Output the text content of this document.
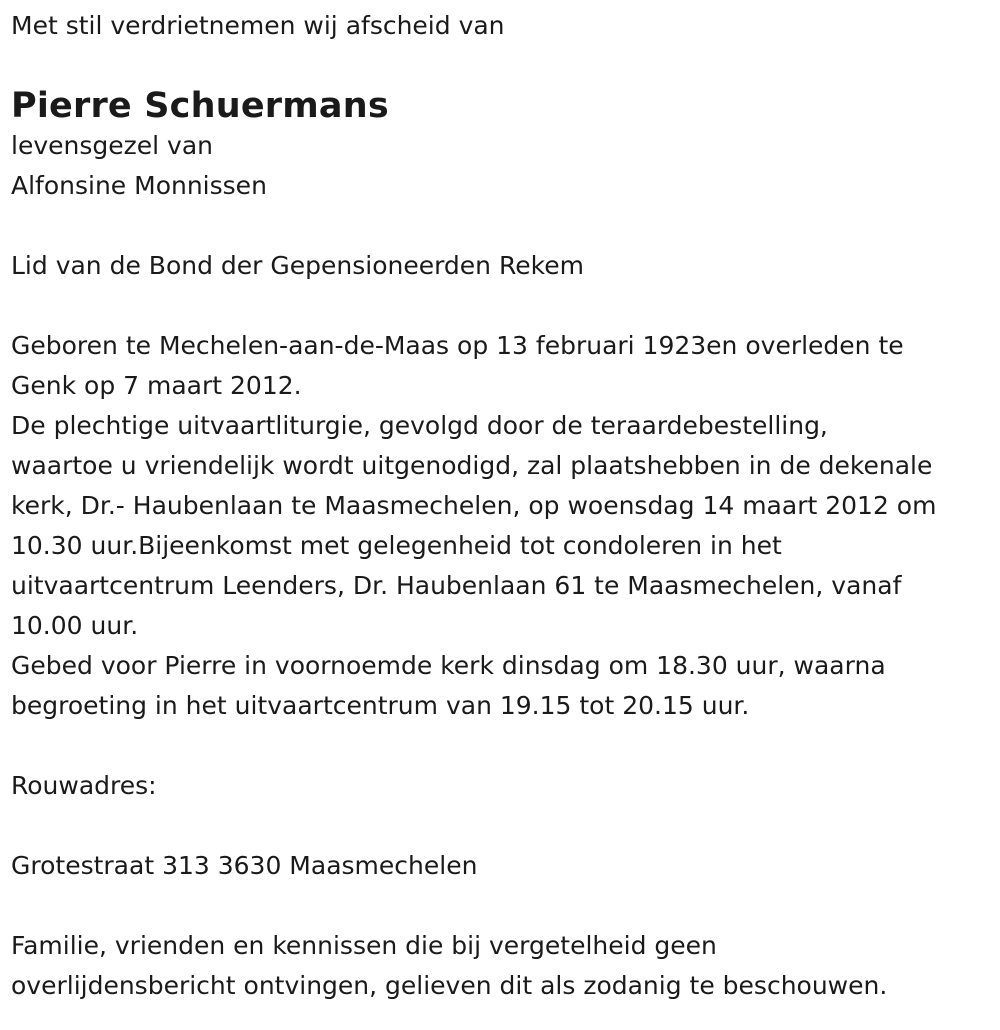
Met stil verdrietnemen wij afscheid van

Pierre Schuermans

levensgezel van

Alfonsine Monnissen

Lid van de Bond der Gepensioneerden Rekem

Geboren te Mechelen-aan-de-Maas op 13 februari 1923en overleden te

Genk op 7 maart 2012.

De plechtige uitvaartliturgie, gevolgd door de teraardebestelling,

waartoe u vriendelijk wordt uitgenodigd, zal plaatshebben in de dekenale

kerk, Dr.- Haubenlaan te Maasmechelen, op woensdag 14 maart 2012 om

10.30 uur.Bijeenkomst met gelegenheid tot condoleren in het

uitvaartcentrum Leenders, Dr. Haubenlaan 61 te Maasmechelen, vanaf

10.00 uur.

Gebed voor Pierre in voornoemde kerk dinsdag om 18.30 uur, waarna

begroeting in het uitvaartcentrum van 19.15 tot 20.15 uur.

Rouwadres:

Grotestraat 313 3630 Maasmechelen

Familie, vrienden en kennissen die bij vergetelheid geen

overlijdensbericht ontvingen, gelieven dit als zodanig te beschouwen.
